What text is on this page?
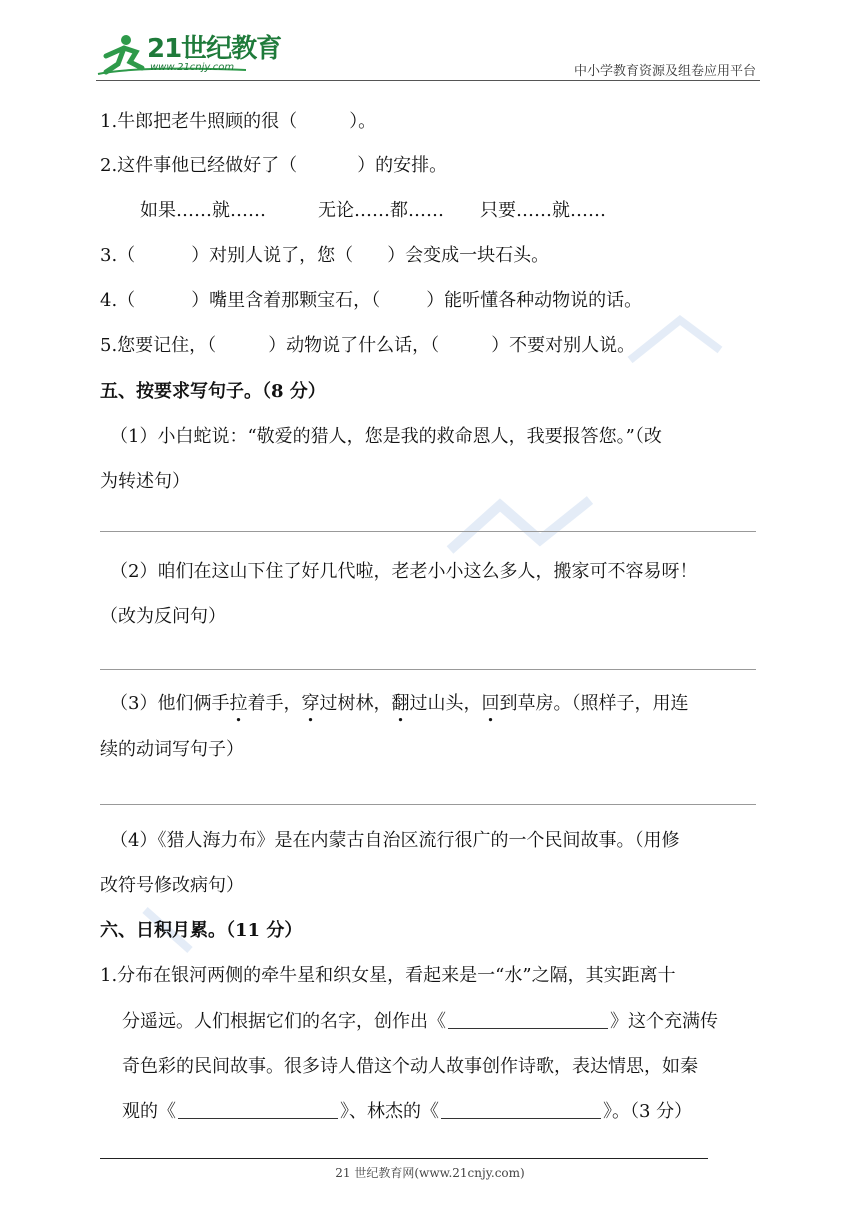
21世纪教育
www.21cnjy.com	中小学教育资源及组卷应用平台
1.牛郎把老牛照顾的很（	）。
2.这件事他已经做好了（	）的安排。
如果……就……	无论……都…… 只要……就……
3.（	）对别人说了，您（ ）会变成一块石头。
4.（	）嘴里含着那颗宝石，（	）能听懂各种动物说的话。
5.您要记住，（	）动物说了什么话，（	）不要对别人说。
五、按要求写句子。（8 分）
（1）小白蛇说：“敬爱的猎人，您是我的救命恩人，我要报答您。”（改
为转述句）
（2）咱们在这山下住了好几代啦，老老小小这么多人，搬家可不容易呀！
（改为反问句）
（3）他们俩手拉着手，穿过树林，翻过山头，回到草房。（照样子，用连
续的动词写句子）
（4）《猎人海力布》是在内蒙古自治区流行很广的一个民间故事。（用修
改符号修改病句）
六、日积月累。（11 分）
1.分布在银河两侧的牵牛星和织女星，看起来是一“水”之隔，其实距离十
分遥远。人们根据它们的名字，创作出《	》这个充满传
奇色彩的民间故事。很多诗人借这个动人故事创作诗歌，表达情思，如秦
观的《	》、林杰的《	》。（3 分）
21 世纪教育网(www.21cnjy.com)
